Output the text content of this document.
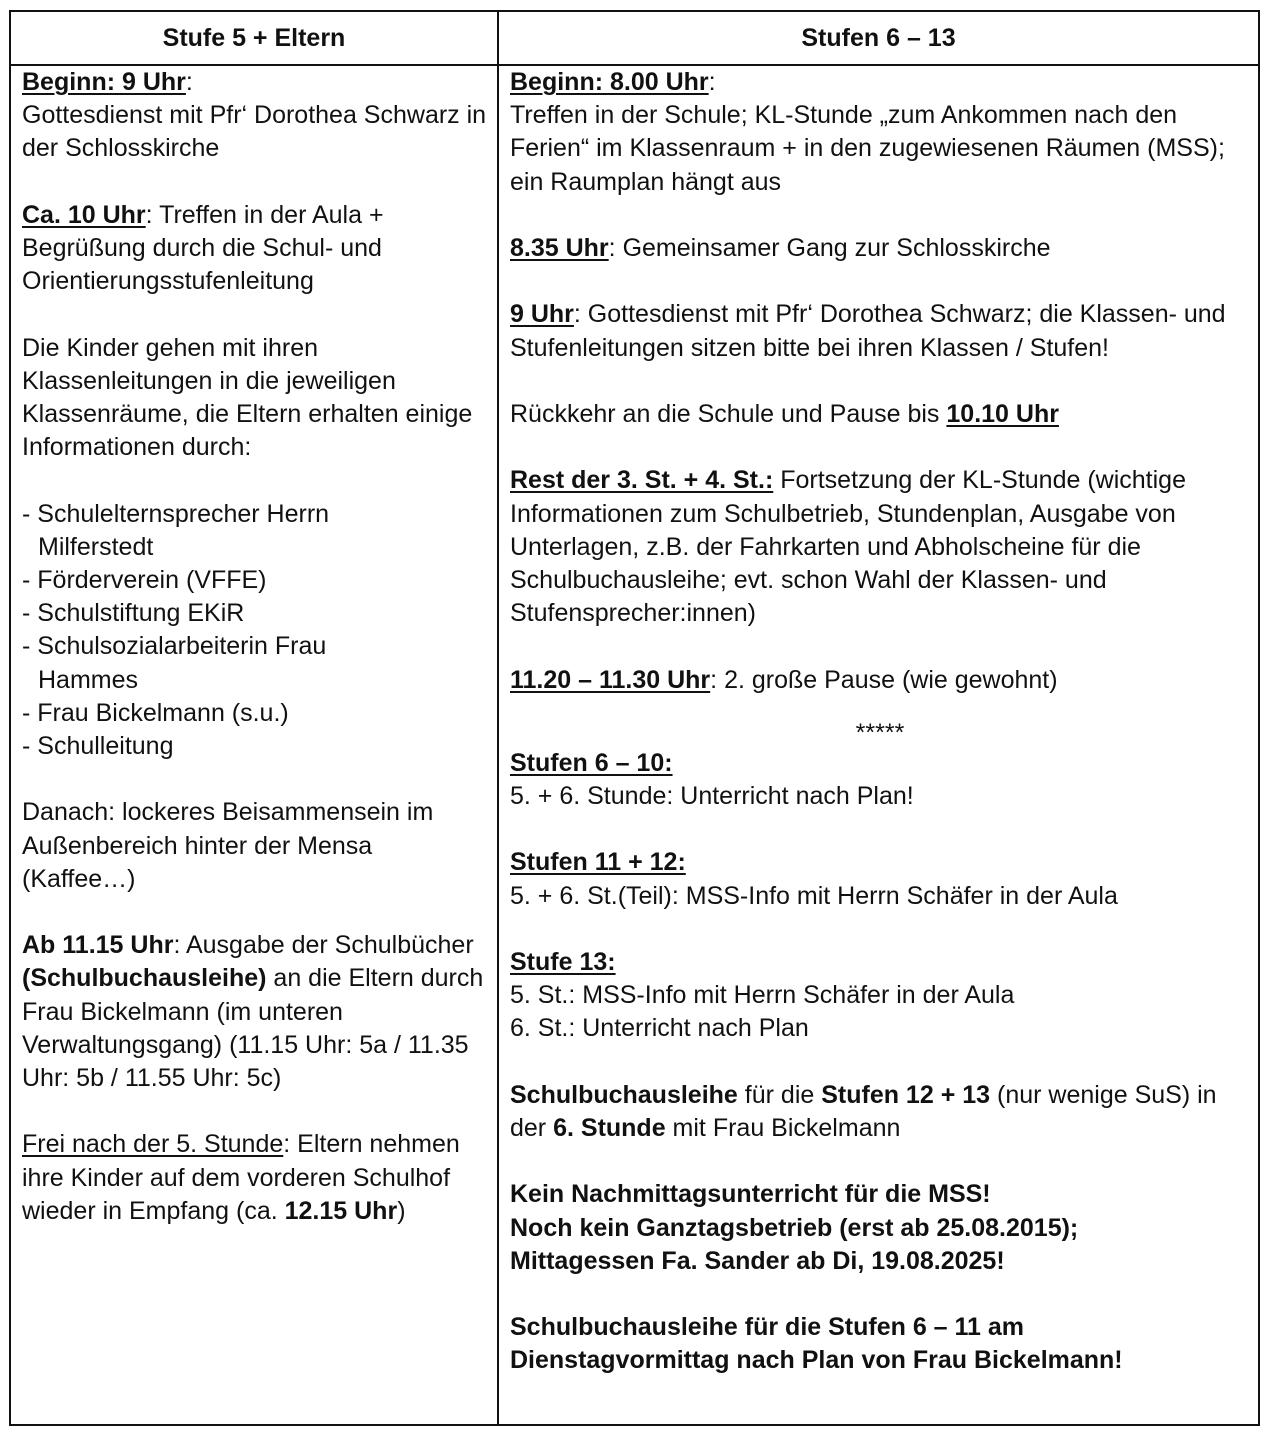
Stufe 5 + Eltern	Stufen 6 – 13

Beginn: 9 Uhr:
Gottesdienst mit Pfr‘ Dorothea Schwarz in der Schlosskirche

Ca. 10 Uhr: Treffen in der Aula + Begrüßung durch die Schul- und Orientierungsstufenleitung

Die Kinder gehen mit ihren Klassenleitungen in die jeweiligen Klassenräume, die Eltern erhalten einige Informationen durch:

- Schulelternsprecher Herrn
Milferstedt
- Förderverein (VFFE)
- Schulstiftung EKiR
- Schulsozialarbeiterin Frau
Hammes
- Frau Bickelmann (s.u.)
- Schulleitung

Danach: lockeres Beisammensein im Außenbereich hinter der Mensa (Kaffee…)

Ab 11.15 Uhr: Ausgabe der Schulbücher (Schulbuchausleihe) an die Eltern durch Frau Bickelmann (im unteren Verwaltungsgang) (11.15 Uhr: 5a / 11.35 Uhr: 5b / 11.55 Uhr: 5c)

Frei nach der 5. Stunde: Eltern nehmen ihre Kinder auf dem vorderen Schulhof wieder in Empfang (ca. 12.15 Uhr)

Beginn: 8.00 Uhr:
Treffen in der Schule; KL-Stunde „zum Ankommen nach den Ferien“ im Klassenraum + in den zugewiesenen Räumen (MSS); ein Raumplan hängt aus

8.35 Uhr: Gemeinsamer Gang zur Schlosskirche

9 Uhr: Gottesdienst mit Pfr‘ Dorothea Schwarz; die Klassen- und Stufenleitungen sitzen bitte bei ihren Klassen / Stufen!

Rückkehr an die Schule und Pause bis 10.10 Uhr

Rest der 3. St. + 4. St.: Fortsetzung der KL-Stunde (wichtige Informationen zum Schulbetrieb, Stundenplan, Ausgabe von Unterlagen, z.B. der Fahrkarten und Abholscheine für die Schulbuchausleihe; evt. schon Wahl der Klassen- und Stufensprecher:innen)

11.20 – 11.30 Uhr: 2. große Pause (wie gewohnt)

*****

Stufen 6 – 10:
5. + 6. Stunde: Unterricht nach Plan!

Stufen 11 + 12:
5. + 6. St.(Teil): MSS-Info mit Herrn Schäfer in der Aula

Stufe 13:
5. St.: MSS-Info mit Herrn Schäfer in der Aula
6. St.: Unterricht nach Plan

Schulbuchausleihe für die Stufen 12 + 13 (nur wenige SuS) in der 6. Stunde mit Frau Bickelmann

Kein Nachmittagsunterricht für die MSS!
Noch kein Ganztagsbetrieb (erst ab 25.08.2015);
Mittagessen Fa. Sander ab Di, 19.08.2025!

Schulbuchausleihe für die Stufen 6 – 11 am
Dienstagvormittag nach Plan von Frau Bickelmann!
